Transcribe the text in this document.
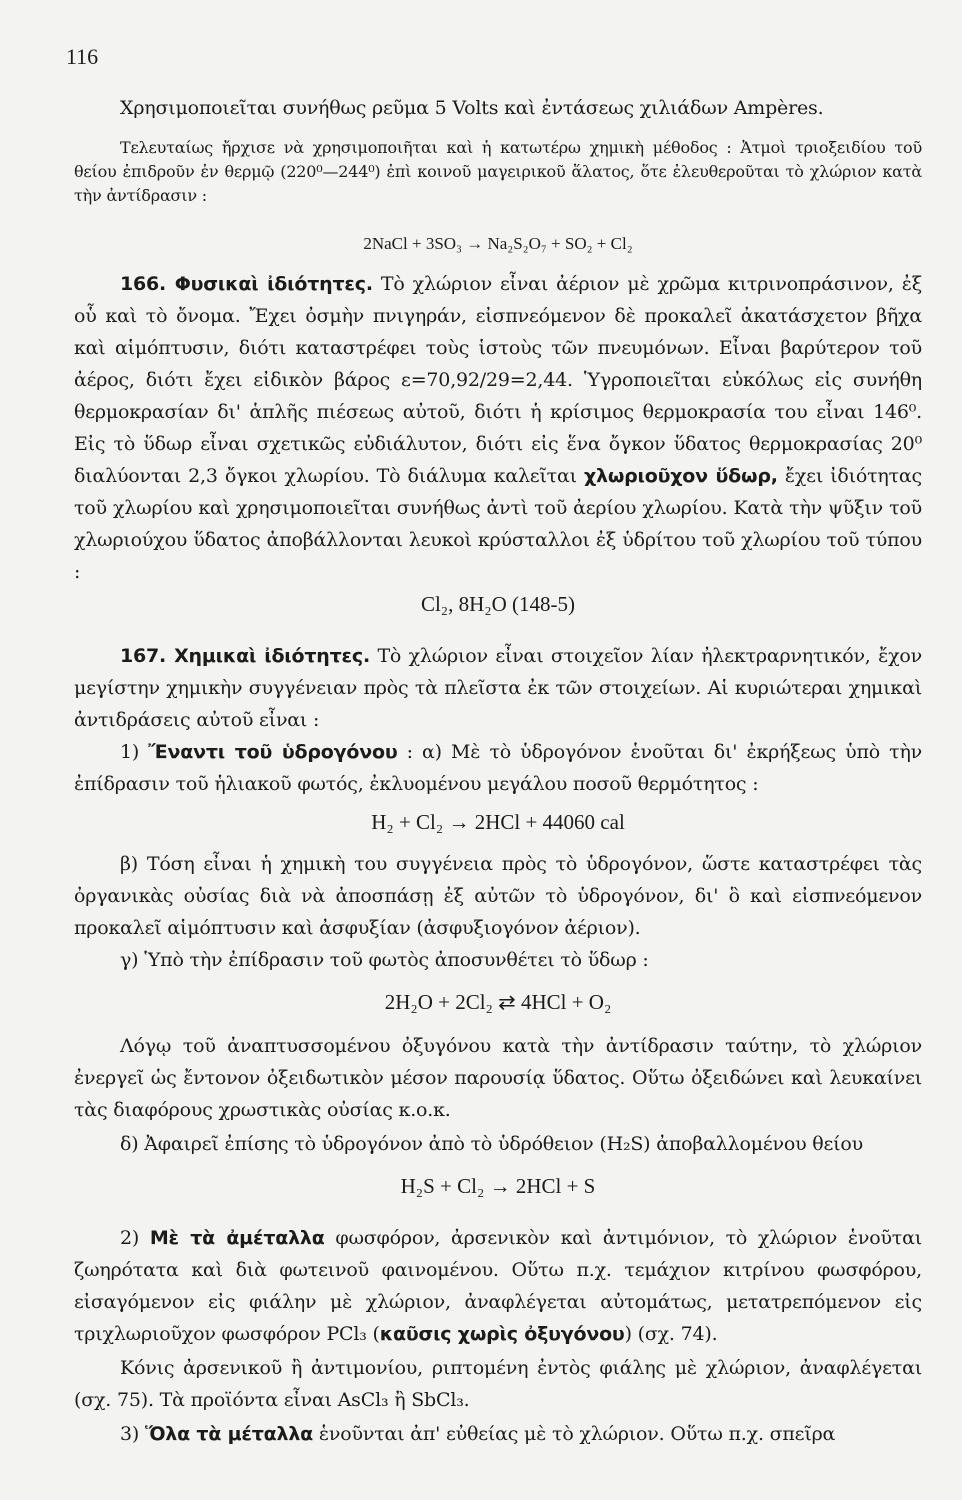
116
Χρησιμοποιεῖται συνήθως ρεῦμα 5 Volts καὶ ἐντάσεως χιλιάδων Ampères.
Τελευταίως ἤρχισε νὰ χρησιμοποιῆται καὶ ἡ κατωτέρω χημικὴ μέθοδος : Ἀτμοὶ τριοξειδίου τοῦ θείου ἐπιδροῦν ἐν θερμῷ (220⁰—244⁰) ἐπὶ κοινοῦ μαγειρικοῦ ἅλατος, ὅτε ἐλευθεροῦται τὸ χλώριον κατὰ τὴν ἀντίδρασιν :
2NaCl + 3SO₃ → Na₂S₂O₇ + SO₂ + Cl₂
166. Φυσικαὶ ἰδιότητες. Τὸ χλώριον εἶναι ἀέριον μὲ χρῶμα κιτρινοπράσινον, ἐξ οὗ καὶ τὸ ὄνομα. Ἔχει ὀσμὴν πνιγηράν, εἰσπνεόμενον δὲ προκαλεῖ ἀκατάσχετον βῆχα καὶ αἱμόπτυσιν, διότι καταστρέφει τοὺς ἱστοὺς τῶν πνευμόνων. Εἶναι βαρύτερον τοῦ ἀέρος, διότι ἔχει εἰδικὸν βάρος ε=70,92/29=2,44. Ὑγροποιεῖται εὐκόλως εἰς συνήθη θερμοκρασίαν δι' ἁπλῆς πιέσεως αὐτοῦ, διότι ἡ κρίσιμος θερμοκρασία του εἶναι 146⁰. Εἰς τὸ ὕδωρ εἶναι σχετικῶς εὐδιάλυτον, διότι εἰς ἕνα ὄγκον ὕδατος θερμοκρασίας 20⁰ διαλύονται 2,3 ὄγκοι χλωρίου. Τὸ διάλυμα καλεῖται χλωριοῦχον ὕδωρ, ἔχει ἰδιότητας τοῦ χλωρίου καὶ χρησιμοποιεῖται συνήθως ἀντὶ τοῦ ἀερίου χλωρίου. Κατὰ τὴν ψῦξιν τοῦ χλωριούχου ὕδατος ἀποβάλλονται λευκοὶ κρύσταλλοι ἐξ ὑδρίτου τοῦ χλωρίου τοῦ τύπου :
Cl₂, 8H₂O (148-5)
167. Χημικαὶ ἰδιότητες. Τὸ χλώριον εἶναι στοιχεῖον λίαν ἠλεκτραρνητικόν, ἔχον μεγίστην χημικὴν συγγένειαν πρὸς τὰ πλεῖστα ἐκ τῶν στοιχείων. Αἱ κυριώτεραι χημικαὶ ἀντιδράσεις αὐτοῦ εἶναι :
1) Ἔναντι τοῦ ὑδρογόνου : α) Μὲ τὸ ὑδρογόνον ἑνοῦται δι' ἐκρήξεως ὑπὸ τὴν ἐπίδρασιν τοῦ ἡλιακοῦ φωτός, ἐκλυομένου μεγάλου ποσοῦ θερμότητος :
H₂ + Cl₂ → 2HCl + 44060 cal
β) Τόση εἶναι ἡ χημικὴ του συγγένεια πρὸς τὸ ὑδρογόνον, ὥστε καταστρέφει τὰς ὀργανικὰς οὐσίας διὰ νὰ ἀποσπάσῃ ἐξ αὐτῶν τὸ ὑδρογόνον, δι' ὃ καὶ εἰσπνεόμενον προκαλεῖ αἱμόπτυσιν καὶ ἀσφυξίαν (ἀσφυξιογόνον ἀέριον).
γ) Ὑπὸ τὴν ἐπίδρασιν τοῦ φωτὸς ἀποσυνθέτει τὸ ὕδωρ :
2H₂O + 2Cl₂ ⇄ 4HCl + O₂
Λόγῳ τοῦ ἀναπτυσσομένου ὀξυγόνου κατὰ τὴν ἀντίδρασιν ταύτην, τὸ χλώριον ἐνεργεῖ ὡς ἔντονον ὀξειδωτικὸν μέσον παρουσίᾳ ὕδατος. Οὕτω ὀξειδώνει καὶ λευκαίνει τὰς διαφόρους χρωστικὰς οὐσίας κ.ο.κ.
δ) Ἀφαιρεῖ ἐπίσης τὸ ὑδρογόνον ἀπὸ τὸ ὑδρόθειον (H₂S) ἀποβαλλομένου θείου
H₂S + Cl₂ → 2HCl + S
2) Μὲ τὰ ἀμέταλλα φωσφόρον, ἀρσενικὸν καὶ ἀντιμόνιον, τὸ χλώριον ἑνοῦται ζωηρότατα καὶ διὰ φωτεινοῦ φαινομένου. Οὕτω π.χ. τεμάχιον κιτρίνου φωσφόρου, εἰσαγόμενον εἰς φιάλην μὲ χλώριον, ἀναφλέγεται αὐτομάτως, μετατρεπόμενον εἰς τριχλωριοῦχον φωσφόρον PCl₃ (καῦσις χωρὶς ὀξυγόνου) (σχ. 74).
Κόνις ἀρσενικοῦ ἢ ἀντιμονίου, ριπτομένη ἐντὸς φιάλης μὲ χλώριον, ἀναφλέγεται (σχ. 75). Τὰ προϊόντα εἶναι AsCl₃ ἢ SbCl₃.
3) Ὅλα τὰ μέταλλα ἑνοῦνται ἀπ' εὐθείας μὲ τὸ χλώριον. Οὕτω π.χ. σπεῖρα
